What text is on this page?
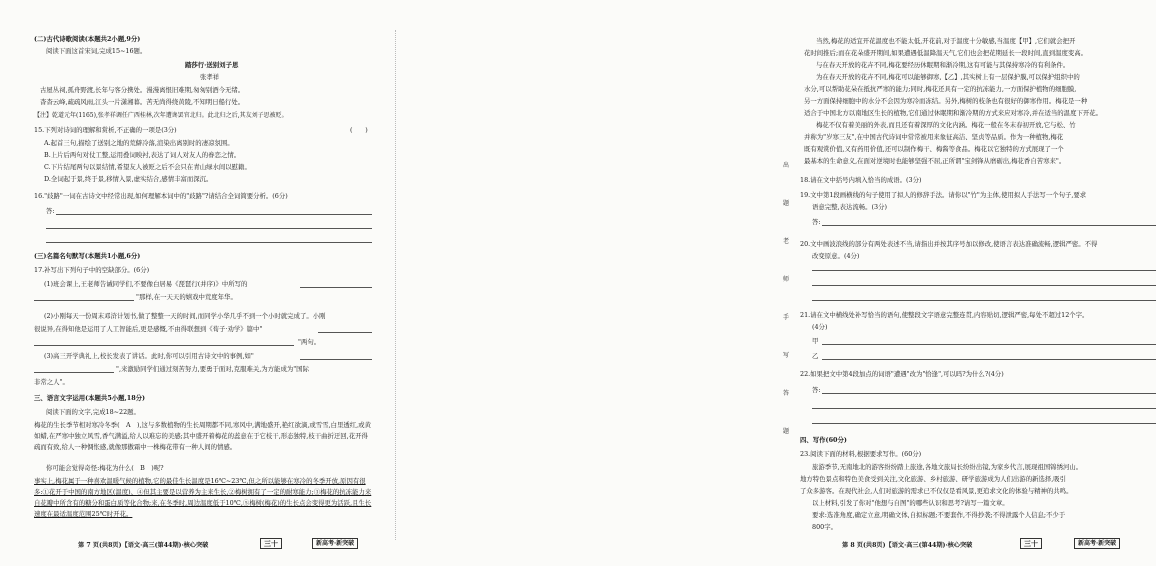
(二)古代诗歌阅读(本题共2小题,9分)
阅读下面这首宋词,完成15~16题。
踏莎行·送别刘子思
张孝祥
古屋丛祠,孤舟野渡,长年与客分携处。漫漫离恨旧难期,匆匆别酒今无绪。
杳杳云峰,疏疏风雨,江头一片潇湘暮。苦无尚得绕黄陵,不知明日船行处。
【注】乾道元年(1165),张孝祥调任广西桂林,次年遭谗罢官北归。此北归之后,其友刘子思被贬。
15.下列对诗词的理解和赏析,不正确的一项是(3分)	(　　)
A.起首三句,描绘了送别之地的荒僻冷落,渲染出离别时的凄凉氛围。
B.上片后两句对仗工整,运用叠词映衬,表达了词人对友人的眷恋之情。
C.下片结尾两句以景结情,希望友人被贬之后不会只在青山绿水间以慰籍。
D.全词起于景,终于景,移情入景,虚实结合,感情丰富而深沉。
16."歧路"一词在古诗文中经常出现,如何理解本词中的"歧路"?请结合全词简要分析。(6分)
答:
(三)名篇名句默写(本题共1小题,6分)
17.补写出下列句子中的空缺部分。(6分)
(1)班会课上,王老师告诫同学们,不要像白居易《琵琶行(并序)》中所写的
"那样,在一天天的嬉戏中荒度年华。
(2)小刚每天一份周末邓浒计划书,做了整整一天的时间,而同学小华几乎不到一个小时就完成了。小刚
很说异,在得知他是运用了人工智能后,更是感慨,不由得联想到《荀子·劝学》篇中"
"两句。
(3)高三开学典礼上,校长发表了讲话。此时,你可以引用古诗文中的事例,如"
",来激励同学们通过刻苦努力,要勇于面对,克服难关,为方能成为"国际
非常之人"。
三、语言文字运用(本题共5小题,18分)
阅读下面的文字,完成18~22题。
梅花的生长季节相对寒冷冬季(　A　),这与多数植物的生长周期都不同,寒风中,满地盛开,艳红欲滴,或雪雪,白里透红,或黄如蜡,在严寒中独立风雪,香气满溢,给人以难忘的美感;其中盛开着梅花的蕊意在于它枝干,形态独特,枝干曲折迂回,花开得疏而有致,给人一种惆怅感,就像那傲霜中一株梅花带有一种人间的情感。
你可能会觉得奇怪:梅花为什么(　B　)呢?
事实上,梅花属于一种喜欢温暖气候的植物,它的最佳生长温度是16℃~23℃,但之所以能够在寒冷的冬季开放,原因有很多:①花开于中国的南方地区(温度)、④但其主要是以营养为主来生长,②梅树拥有了一定的耐寒能力;③梅花的抗冻能力来自花瓣中所含有的糖分和蛋白质等化合物;来,在冬季时,周边温度低于10℃,⑤梅树(梅花)的生长点会变得更为活跃,且生长速度在最适温度范围25℃时开花。
第 7 页(共8页)【语文·高三(第44期)·核心突破	三十	新高考·新突破
当然,梅花的适宜开花温度也不能太低,开花前,对于温度十分敏感,当温度【甲】,它们就会把开
花时间推后;而在花朵盛开期间,如果遭遇低温降温天气,它们也会把花期延长一段时间,直到温度变高。
与在春天开放的花卉不同,梅花要经历休眠期和渐冷期,这有可能与其保持寒冷的有利条件。
为在春天开放的花卉不同,梅花可以能够御寒,【乙】,其实树上有一层保护膜,可以保护组织中的
水分,可以帮助花朵在抵抗严寒的能力;同时,梅花还具有一定的抗冻能力,一方面保护植物的细胞膜,
另一方面保持细胞中的水分不会因为寒冷而冻结。另外,梅树的枝条也有很好的御寒作用。梅花是一种
适合于中国北方以南地区生长的植物,它们通过休眠期和渐冷期的方式来应对寒冷,并在适当的温度下开花。
梅花不仅有着美丽的外表,而且还有着深厚的文化内涵。梅花一般在冬末春初开放,它与松、竹
并称为"岁寒三友",在中国古代诗词中常常被用来象征高洁、坚贞等品质。作为一种植物,梅花
既有观赏价值,又有药用价值,还可以制作梅干、梅酱等食品。梅花以它独特的方式展现了一个
最基本的生命意义,在面对逆境时也能够坚强不屈,正所谓"宝剑锋从磨砺出,梅花香自苦寒来"。
18.请在文中括号内填入恰当的成语。(3分)
19.文中第1段画横线的句子使用了拟人的修辞手法。请你以"竹"为主体,使用拟人手法写一个句子,要求
语意完整,表达流畅。(3分)
答:
20.文中画波浪线的部分有两处表述不当,请指出并按其序号加以修改,使语言表达准确流畅,逻辑严密。不得
改变原意。(4分)
21.请在文中横线处补写恰当的语句,使整段文字语意完整连贯,内容贴切,逻辑严密,每处不超过12个字。
(4分)
甲
乙
22.如果把文中第4段加点的词语"遭遇"改为"恰逢",可以吗?为什么?(4分)
答:
四、写作(60分)
23.阅读下面的材料,根据要求写作。(60分)
旅游季节,无南地北的游客纷纷踏上旅途,各地文旅局长纷纷出镜,为家乡代言,展现祖国锦绣河山。
地方特色景点和特色美食受到关注,文化旅游、乡村旅游、研学旅游成为人们出游的新选择,吸引
了众多游客。在现代社会,人们对旅游的需求已不仅仅是看风景,更追求文化的体验与精神的共鸣。
以上材料,引发了你对"他想与自图"的哪些认识和思考?请写一篇文章。
要求:选准角度,确定立意,明确文体,自拟标题;不要套作,不得抄袭;不得泄露个人信息;不少于
800字。
第 8 页(共8页)【语文·高三(第44期)·核心突破	三十	新高考·新突破
出
题
老
师
手
写
答
题
